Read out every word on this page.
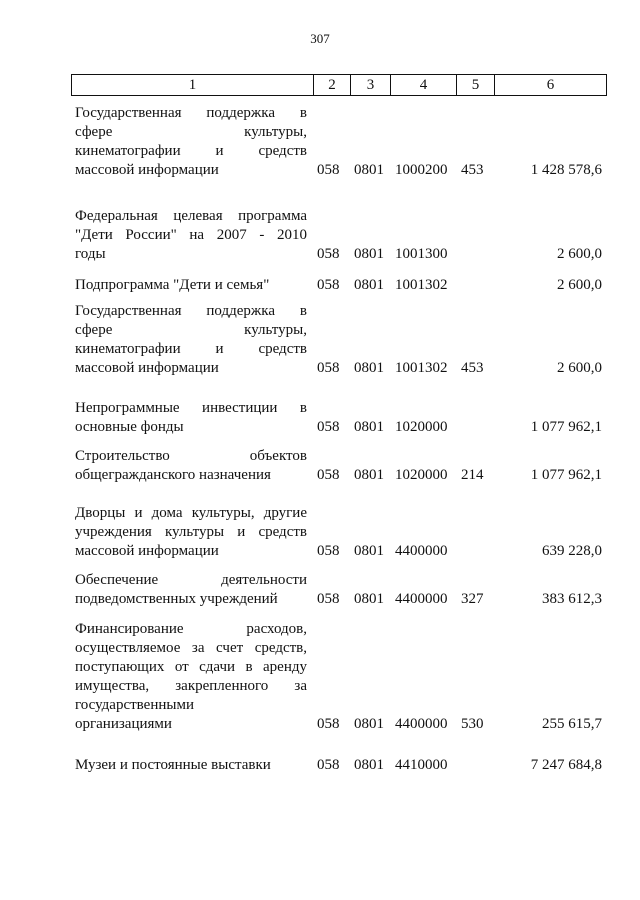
307
1	2	3	4	5	6
Государственная поддержка в
сфере культуры,
кинематографии и средств
массовой информации	058 0801 1000200 453	1 428 578,6
Федеральная целевая программа
"Дети России" на 2007 - 2010
годы	058 0801 1001300	2 600,0
Подпрограмма "Дети и семья"	058 0801 1001302	2 600,0
Государственная поддержка в
сфере культуры,
кинематографии и средств
массовой информации	058 0801 1001302 453	2 600,0
Непрограммные инвестиции в
основные фонды	058 0801 1020000	1 077 962,1
Строительство объектов
общегражданского назначения	058 0801 1020000 214	1 077 962,1
Дворцы и дома культуры, другие
учреждения культуры и средств
массовой информации	058 0801 4400000	639 228,0
Обеспечение деятельности
подведомственных учреждений	058 0801 4400000 327	383 612,3
Финансирование расходов,
осуществляемое за счет средств,
поступающих от сдачи в аренду
имущества, закрепленного за
государственными
организациями	058 0801 4400000 530	255 615,7
Музеи и постоянные выставки	058 0801 4410000	7 247 684,8
